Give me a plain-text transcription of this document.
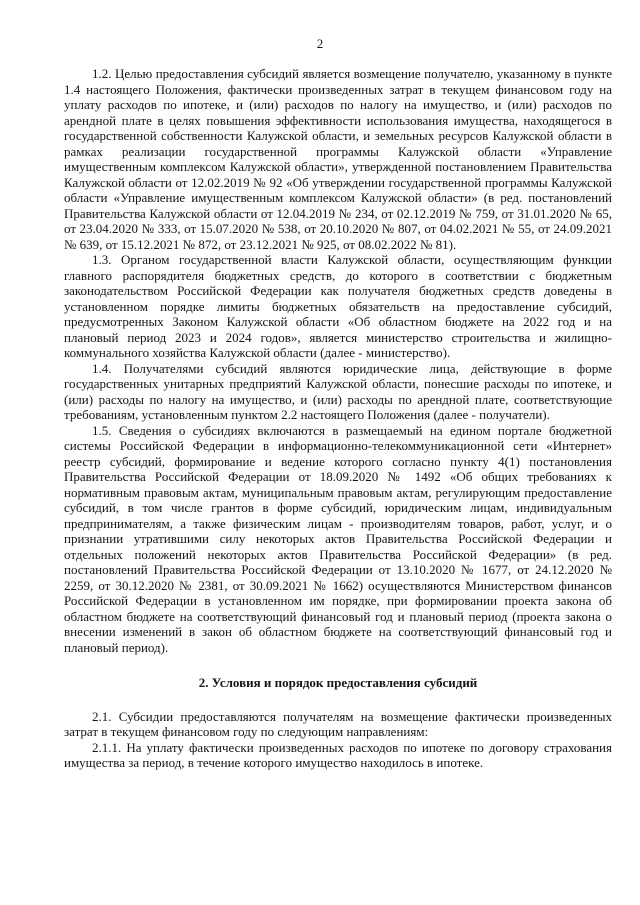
2

1.2. Целью предоставления субсидий является возмещение получателю, указанному в пункте 1.4 настоящего Положения, фактически произведенных затрат в текущем финансовом году на уплату расходов по ипотеке, и (или) расходов по налогу на имущество, и (или) расходов по арендной плате в целях повышения эффективности использования имущества, находящегося в государственной собственности Калужской области, и земельных ресурсов Калужской области в рамках реализации государственной программы Калужской области «Управление имущественным комплексом Калужской области», утвержденной постановлением Правительства Калужской области от 12.02.2019 № 92 «Об утверждении государственной программы Калужской области «Управление имущественным комплексом Калужской области» (в ред. постановлений Правительства Калужской области от 12.04.2019 № 234, от 02.12.2019 № 759, от 31.01.2020 № 65, от 23.04.2020 № 333, от 15.07.2020 № 538, от 20.10.2020 № 807, от 04.02.2021 № 55, от 24.09.2021 № 639, от 15.12.2021 № 872, от 23.12.2021 № 925, от 08.02.2022 № 81).

1.3. Органом государственной власти Калужской области, осуществляющим функции главного распорядителя бюджетных средств, до которого в соответствии с бюджетным законодательством Российской Федерации как получателя бюджетных средств доведены в установленном порядке лимиты бюджетных обязательств на предоставление субсидий, предусмотренных Законом Калужской области «Об областном бюджете на 2022 год и на плановый период 2023 и 2024 годов», является министерство строительства и жилищно-коммунального хозяйства Калужской области (далее - министерство).

1.4. Получателями субсидий являются юридические лица, действующие в форме государственных унитарных предприятий Калужской области, понесшие расходы по ипотеке, и (или) расходы по налогу на имущество, и (или) расходы по арендной плате, соответствующие требованиям, установленным пунктом 2.2 настоящего Положения (далее - получатели).

1.5. Сведения о субсидиях включаются в размещаемый на едином портале бюджетной системы Российской Федерации в информационно-телекоммуникационной сети «Интернет» реестр субсидий, формирование и ведение которого согласно пункту 4(1) постановления Правительства Российской Федерации от 18.09.2020 № 1492 «Об общих требованиях к нормативным правовым актам, муниципальным правовым актам, регулирующим предоставление субсидий, в том числе грантов в форме субсидий, юридическим лицам, индивидуальным предпринимателям, а также физическим лицам - производителям товаров, работ, услуг, и о признании утратившими силу некоторых актов Правительства Российской Федерации и отдельных положений некоторых актов Правительства Российской Федерации» (в ред. постановлений Правительства Российской Федерации от 13.10.2020 № 1677, от 24.12.2020 № 2259, от 30.12.2020 № 2381, от 30.09.2021 № 1662) осуществляются Министерством финансов Российской Федерации в установленном им порядке, при формировании проекта закона об областном бюджете на соответствующий финансовый год и плановый период (проекта закона о внесении изменений в закон об областном бюджете на соответствующий финансовый год и плановый период).

2. Условия и порядок предоставления субсидий

2.1. Субсидии предоставляются получателям на возмещение фактически произведенных затрат в текущем финансовом году по следующим направлениям:

2.1.1. На уплату фактически произведенных расходов по ипотеке по договору страхования имущества за период, в течение которого имущество находилось в ипотеке.
